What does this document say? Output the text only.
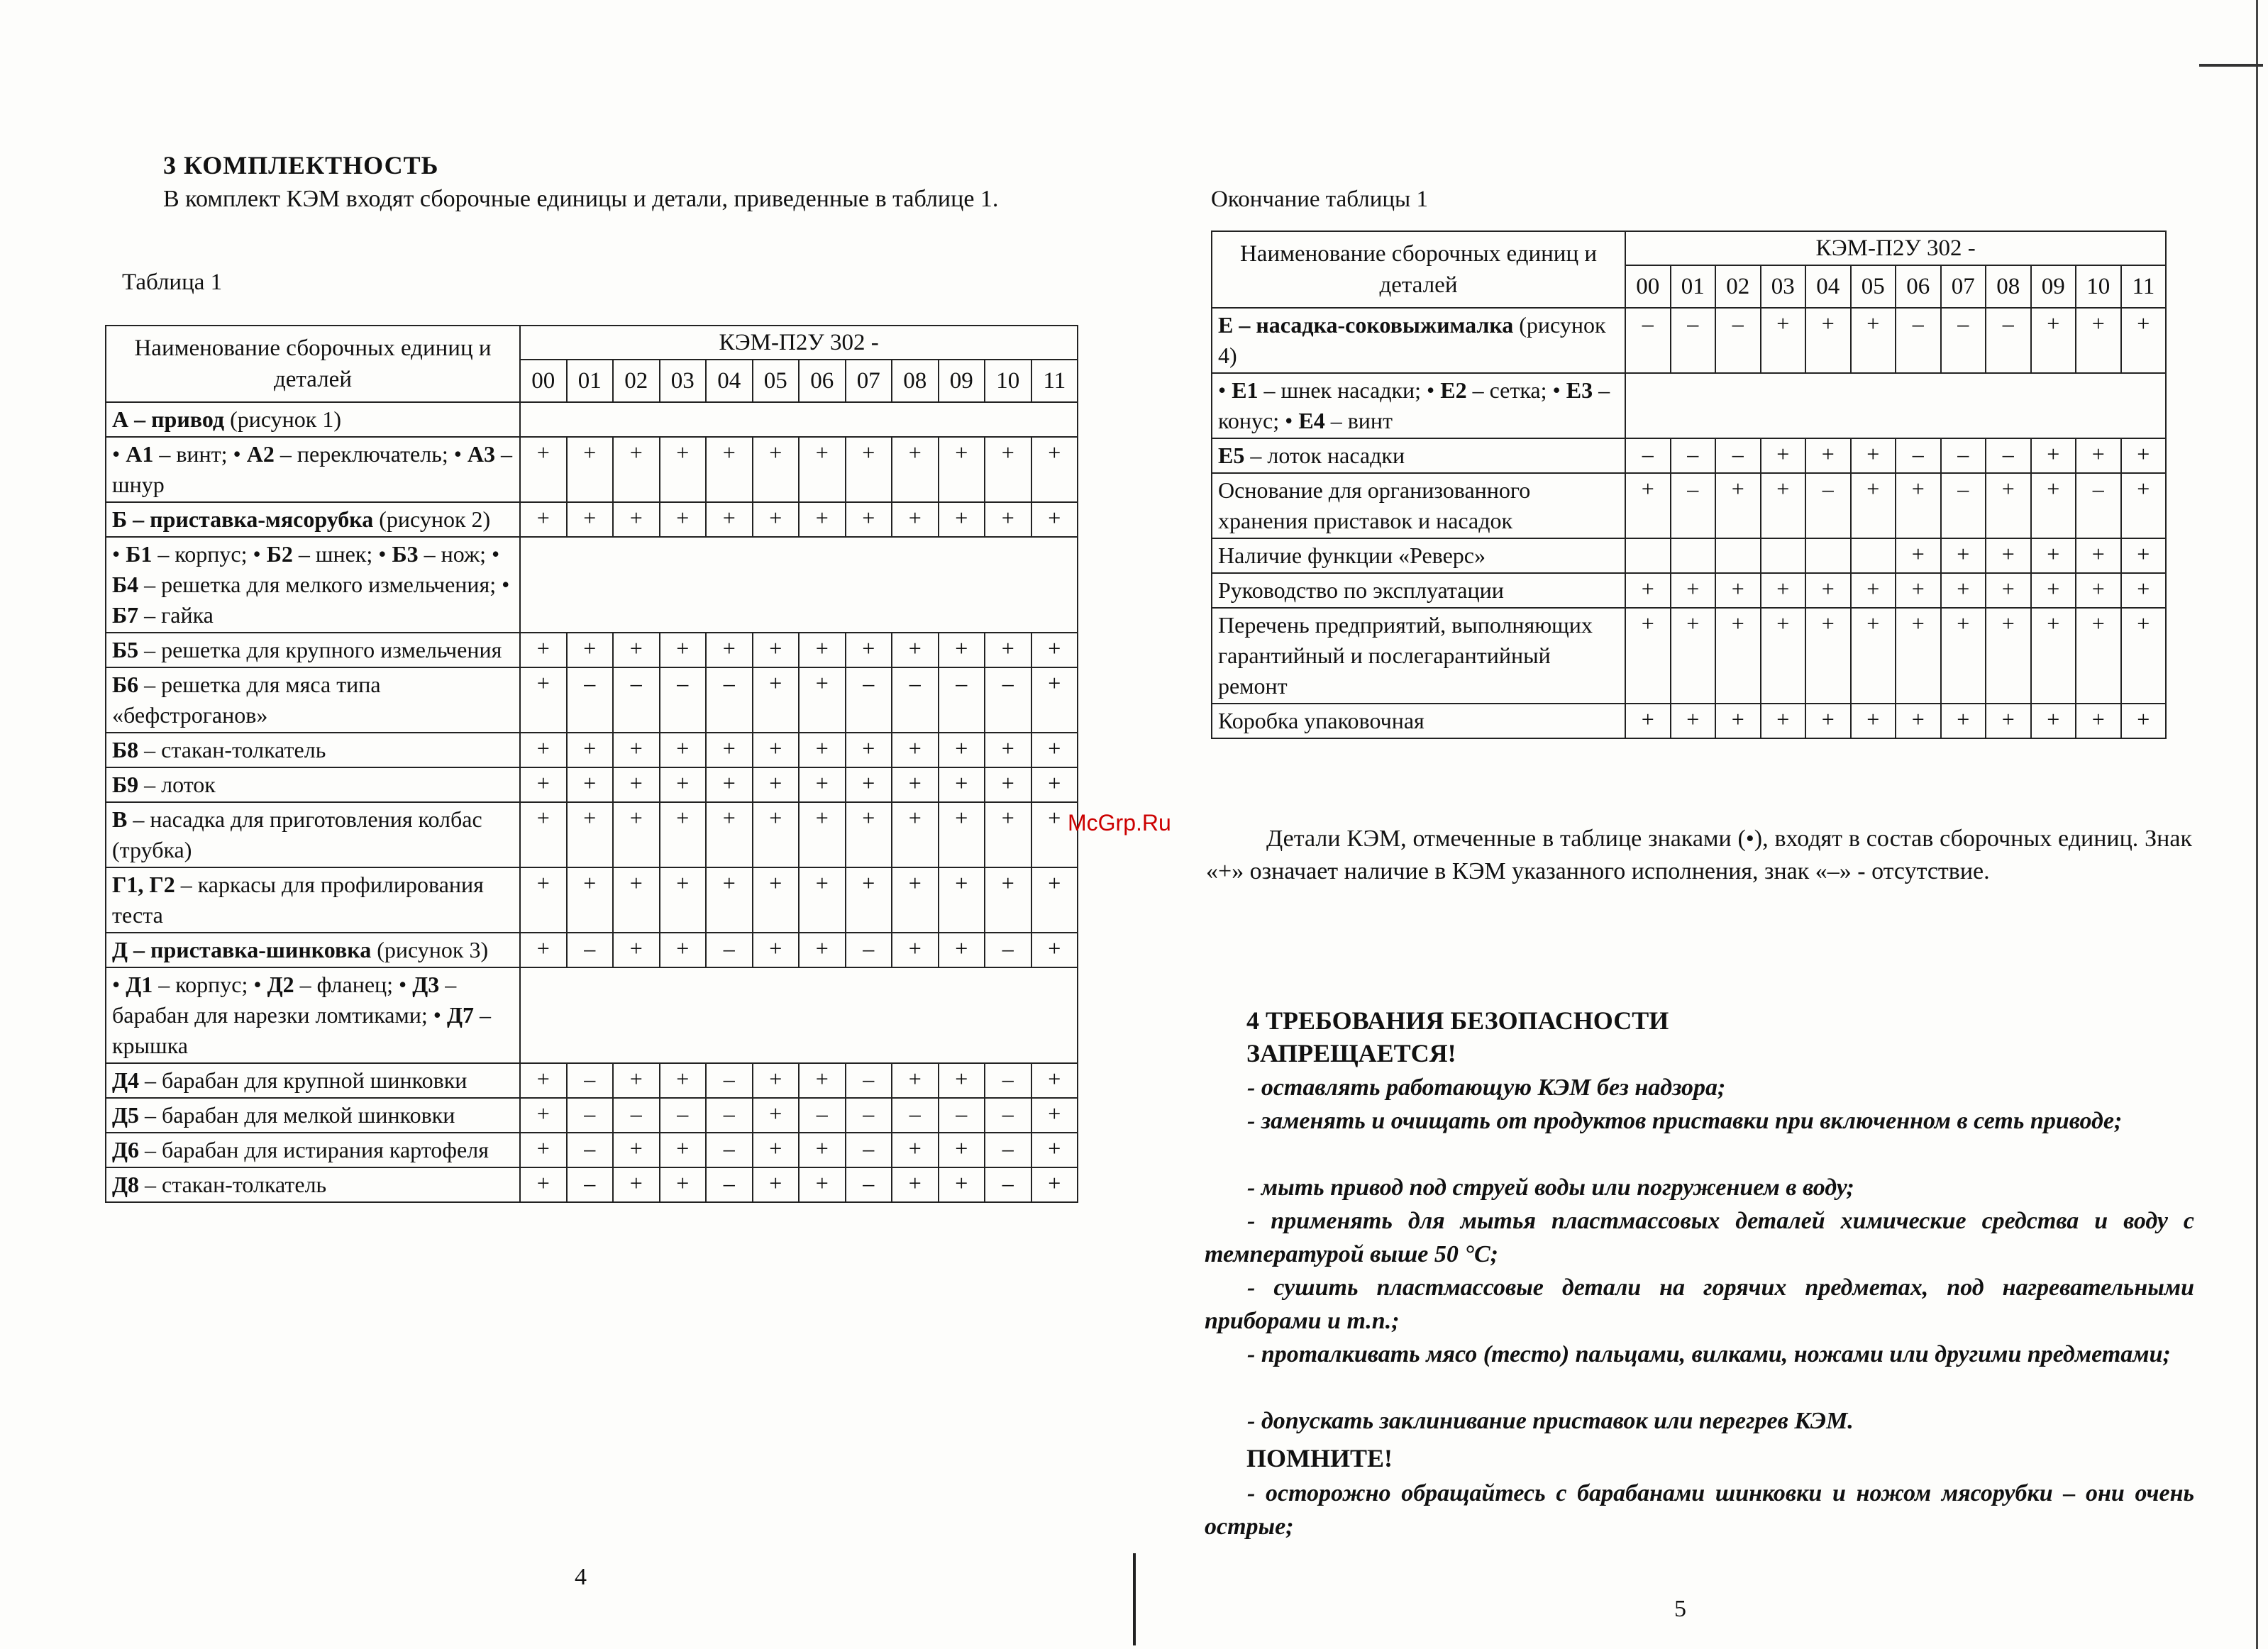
3 КОМПЛЕКТНОСТЬ
В комплект КЭМ входят сборочные единицы и детали, приведенные в таблице 1.
Таблица 1
Наименование сборочных единиц и деталей	КЭМ-П2У 302 -											
	00	01	02	03	04	05	06	07	08	09	10	11
А – привод (рисунок 1)												
• А1 – винт; • А2 – переключатель; • А3 – шнур	+	+	+	+	+	+	+	+	+	+	+	+
Б – приставка-мясорубка (рисунок 2)	+	+	+	+	+	+	+	+	+	+	+	+
• Б1 – корпус; • Б2 – шнек; • Б3 – нож; • Б4 – решетка для мелкого измельчения; • Б7 – гайка												
Б5 – решетка для крупного измельчения	+	+	+	+	+	+	+	+	+	+	+	+
Б6 – решетка для мяса типа «бефстроганов»	+	–	–	–	–	+	+	–	–	–	–	+
Б8 – стакан-толкатель	+	+	+	+	+	+	+	+	+	+	+	+
Б9 – лоток	+	+	+	+	+	+	+	+	+	+	+	+
В – насадка для приготовления колбас (трубка)	+	+	+	+	+	+	+	+	+	+	+	+
Г1, Г2 – каркасы для профилирования теста	+	+	+	+	+	+	+	+	+	+	+	+
Д – приставка-шинковка (рисунок 3)	+	–	+	+	–	+	+	–	+	+	–	+
• Д1 – корпус; • Д2 – фланец; • Д3 – барабан для нарезки ломтиками; • Д7 – крышка												
Д4 – барабан для крупной шинковки	+	–	+	+	–	+	+	–	+	+	–	+
Д5 – барабан для мелкой шинковки	+	–	–	–	–	+	–	–	–	–	–	+
Д6 – барабан для истирания картофеля	+	–	+	+	–	+	+	–	+	+	–	+
Д8 – стакан-толкатель	+	–	+	+	–	+	+	–	+	+	–	+
4
Окончание таблицы 1
Наименование сборочных единиц и деталей	КЭМ-П2У 302 -											
	00	01	02	03	04	05	06	07	08	09	10	11
Е – насадка-соковыжималка (рисунок 4)	–	–	–	+	+	+	–	–	–	+	+	+
• Е1 – шнек насадки; • Е2 – сетка; • Е3 – конус; • Е4 – винт												
Е5 – лоток насадки	–	–	–	+	+	+	–	–	–	+	+	+
Основание для организованного хранения приставок и насадок	+	–	+	+	–	+	+	–	+	+	–	+
Наличие функции «Реверс»							+	+	+	+	+	+
Руководство по эксплуатации	+	+	+	+	+	+	+	+	+	+	+	+
Перечень предприятий, выполняющих гарантийный и послегарантийный ремонт	+	+	+	+	+	+	+	+	+	+	+	+
Коробка упаковочная	+	+	+	+	+	+	+	+	+	+	+	+
Детали КЭМ, отмеченные в таблице знаками (•), входят в состав сборочных единиц. Знак «+» означает наличие в КЭМ указанного исполнения, знак «–» - отсутствие.
4 ТРЕБОВАНИЯ БЕЗОПАСНОСТИ
ЗАПРЕЩАЕТСЯ!
- оставлять работающую КЭМ без надзора;
- заменять и очищать от продуктов приставки при включенном в сеть приводе;
- мыть привод под струей воды или погружением в воду;
- применять для мытья пластмассовых деталей химические средства и воду с температурой выше 50 °С;
- сушить пластмассовые детали на горячих предметах, под нагревательными приборами и т.п.;
- проталкивать мясо (тесто) пальцами, вилками, ножами или другими предметами;
- допускать заклинивание приставок или перегрев КЭМ.
ПОМНИТЕ!
- осторожно обращайтесь с барабанами шинковки и ножом мясорубки – они очень острые;
5
McGrp.Ru
